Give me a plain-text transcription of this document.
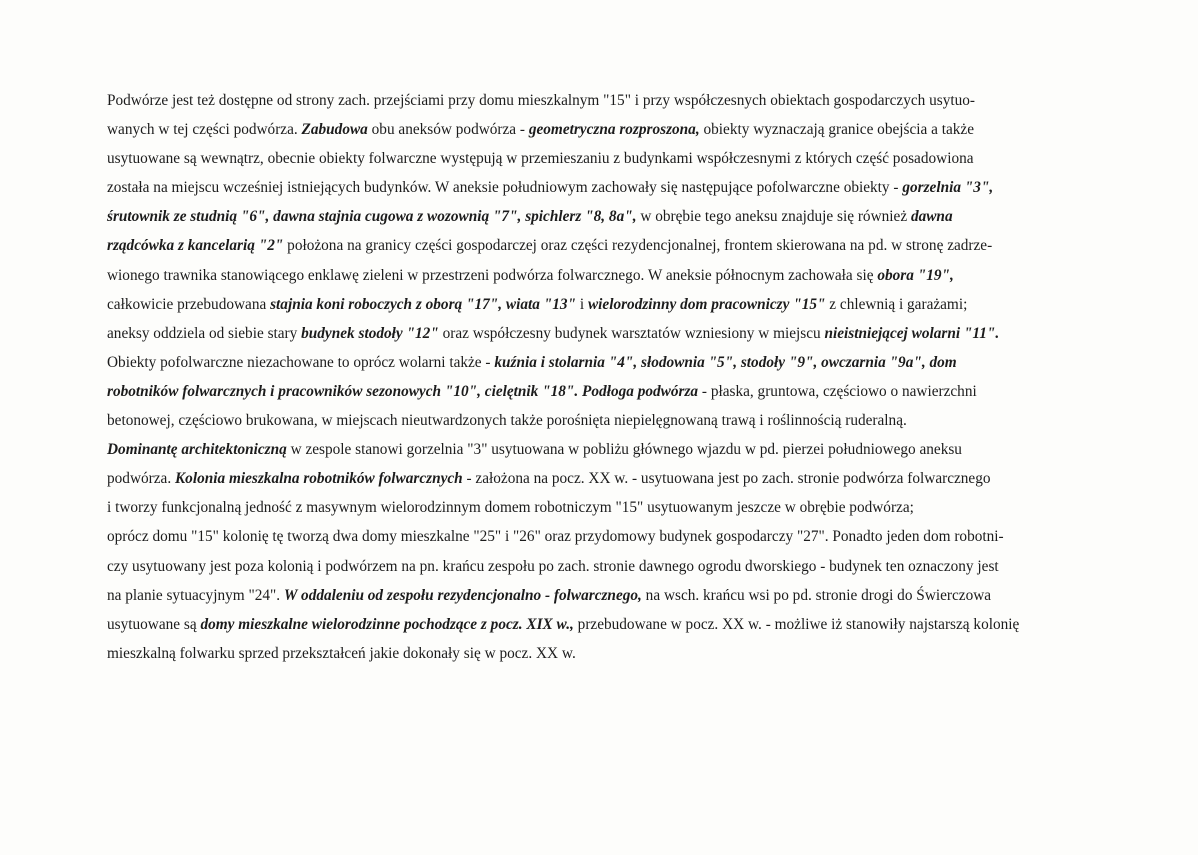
Podwórze jest też dostępne od strony zach. przejściami przy domu mieszkalnym "15" i przy współczesnych obiektach gospodarczych usytuo-
wanych w tej części podwórza. Zabudowa obu aneksów podwórza - geometryczna rozproszona, obiekty wyznaczają granice obejścia a także
usytuowane są wewnątrz, obecnie obiekty folwarczne występują w przemieszaniu z budynkami współczesnymi z których część posadowiona
została na miejscu wcześniej istniejących budynków. W aneksie południowym zachowały się następujące pofolwarczne obiekty - gorzelnia "3",
śrutownik ze studnią "6", dawna stajnia cugowa z wozownią "7", spichlerz "8, 8a", w obrębie tego aneksu znajduje się również dawna
rządcówka z kancelarią "2" położona na granicy części gospodarczej oraz części rezydencjonalnej, frontem skierowana na pd. w stronę zadrze-
wionego trawnika stanowiącego enklawę zieleni w przestrzeni podwórza folwarcznego. W aneksie północnym zachowała się obora "19",
całkowicie przebudowana stajnia koni roboczych z oborą "17", wiata "13" i wielorodzinny dom pracowniczy "15" z chlewnią i garażami;
aneksy oddziela od siebie stary budynek stodoły "12" oraz współczesny budynek warsztatów wzniesiony w miejscu nieistniejącej wolarni "11".
Obiekty pofolwarczne niezachowane to oprócz wolarni także - kuźnia i stolarnia "4", słodownia "5", stodoły "9", owczarnia "9a", dom
robotników folwarcznych i pracowników sezonowych "10", cielętnik "18". Podłoga podwórza - płaska, gruntowa, częściowo o nawierzchni
betonowej, częściowo brukowana, w miejscach nieutwardzonych także porośnięta niepielęgnowaną trawą i roślinnością ruderalną.
Dominantę architektoniczną w zespole stanowi gorzelnia "3" usytuowana w pobliżu głównego wjazdu w pd. pierzei południowego aneksu
podwórza. Kolonia mieszkalna robotników folwarcznych - założona na pocz. XX w. - usytuowana jest po zach. stronie podwórza folwarcznego
i tworzy funkcjonalną jedność z masywnym wielorodzinnym domem robotniczym "15" usytuowanym jeszcze w obrębie podwórza;
oprócz domu "15" kolonię tę tworzą dwa domy mieszkalne "25" i "26" oraz przydomowy budynek gospodarczy "27". Ponadto jeden dom robotni-
czy usytuowany jest poza kolonią i podwórzem na pn. krańcu zespołu po zach. stronie dawnego ogrodu dworskiego - budynek ten oznaczony jest
na planie sytuacyjnym "24". W oddaleniu od zespołu rezydencjonalno - folwarcznego, na wsch. krańcu wsi po pd. stronie drogi do Świerczowa
usytuowane są domy mieszkalne wielorodzinne pochodzące z pocz. XIX w., przebudowane w pocz. XX w. - możliwe iż stanowiły najstarszą kolonię
mieszkalną folwarku sprzed przekształceń jakie dokonały się w pocz. XX w.
